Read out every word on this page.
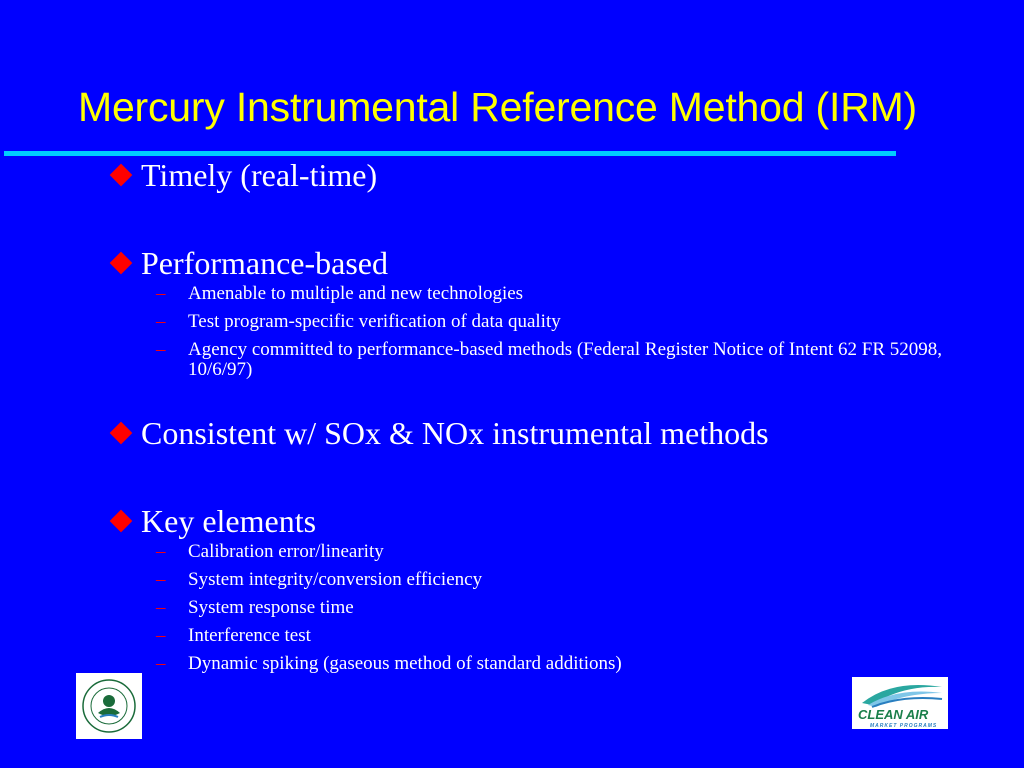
Mercury Instrumental Reference Method (IRM)
Timely (real-time)
Performance-based
–	Amenable to multiple and new technologies
–	Test program-specific verification of data quality
–	Agency committed to performance-based methods (Federal Register Notice of Intent 62 FR 52098, 10/6/97)
Consistent w/ SOx & NOx instrumental methods
Key elements
–	Calibration error/linearity
–	System integrity/conversion efficiency
–	System response time
–	Interference test
–	Dynamic spiking (gaseous method of standard additions)
CLEAN AIR
MARKET PROGRAMS
